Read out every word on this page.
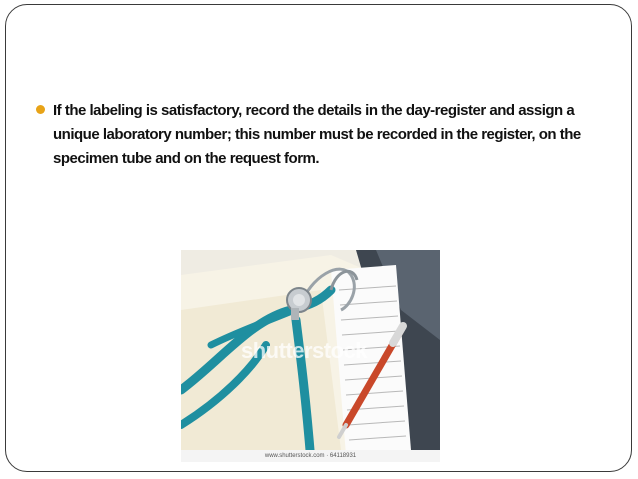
If the labeling is satisfactory, record the details in the day-register and assign a unique laboratory number; this number must be recorded in the register, on the specimen tube and on the request form.
shutterstock
www.shutterstock.com · 64118931
